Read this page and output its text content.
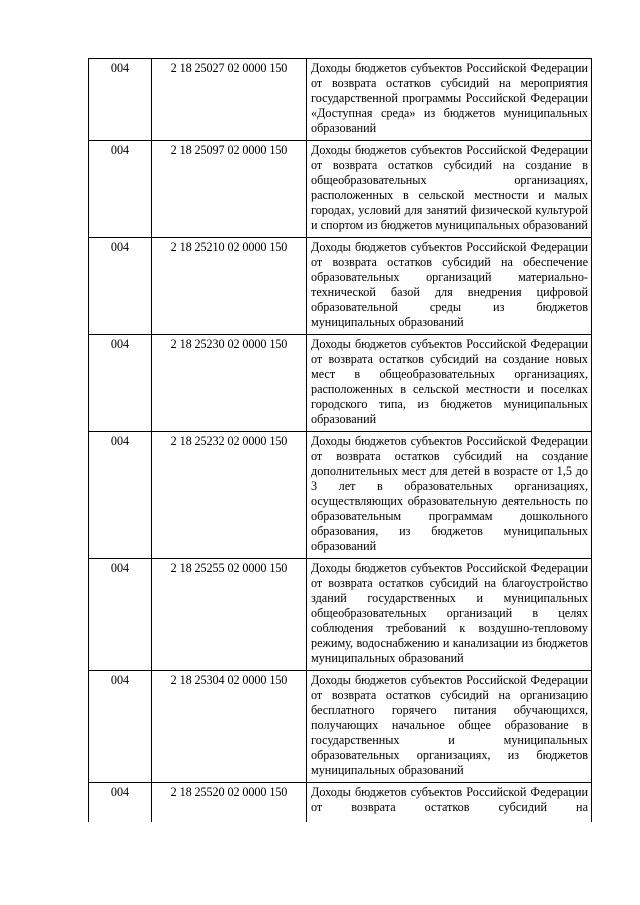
004	2 18 25027 02 0000 150	Доходы бюджетов субъектов Российской Федерации от возврата остатков субсидий на мероприятия государственной программы Российской Федерации «Доступная среда» из бюджетов муниципальных образований
004	2 18 25097 02 0000 150	Доходы бюджетов субъектов Российской Федерации от возврата остатков субсидий на создание в общеобразовательных организациях, расположенных в сельской местности и малых городах, условий для занятий физической культурой и спортом из бюджетов муниципальных образований
004	2 18 25210 02 0000 150	Доходы бюджетов субъектов Российской Федерации от возврата остатков субсидий на обеспечение образовательных организаций материально-технической базой для внедрения цифровой образовательной среды из бюджетов муниципальных образований
004	2 18 25230 02 0000 150	Доходы бюджетов субъектов Российской Федерации от возврата остатков субсидий на создание новых мест в общеобразовательных организациях, расположенных в сельской местности и поселках городского типа, из бюджетов муниципальных образований
004	2 18 25232 02 0000 150	Доходы бюджетов субъектов Российской Федерации от возврата остатков субсидий на создание дополнительных мест для детей в возрасте от 1,5 до 3 лет в образовательных организациях, осуществляющих образовательную деятельность по образовательным программам дошкольного образования, из бюджетов муниципальных образований
004	2 18 25255 02 0000 150	Доходы бюджетов субъектов Российской Федерации от возврата остатков субсидий на благоустройство зданий государственных и муниципальных общеобразовательных организаций в целях соблюдения требований к воздушно-тепловому режиму, водоснабжению и канализации из бюджетов муниципальных образований
004	2 18 25304 02 0000 150	Доходы бюджетов субъектов Российской Федерации от возврата остатков субсидий на организацию бесплатного горячего питания обучающихся, получающих начальное общее образование в государственных и муниципальных образовательных организациях, из бюджетов муниципальных образований
004	2 18 25520 02 0000 150	Доходы бюджетов субъектов Российской Федерации от возврата остатков субсидий на
